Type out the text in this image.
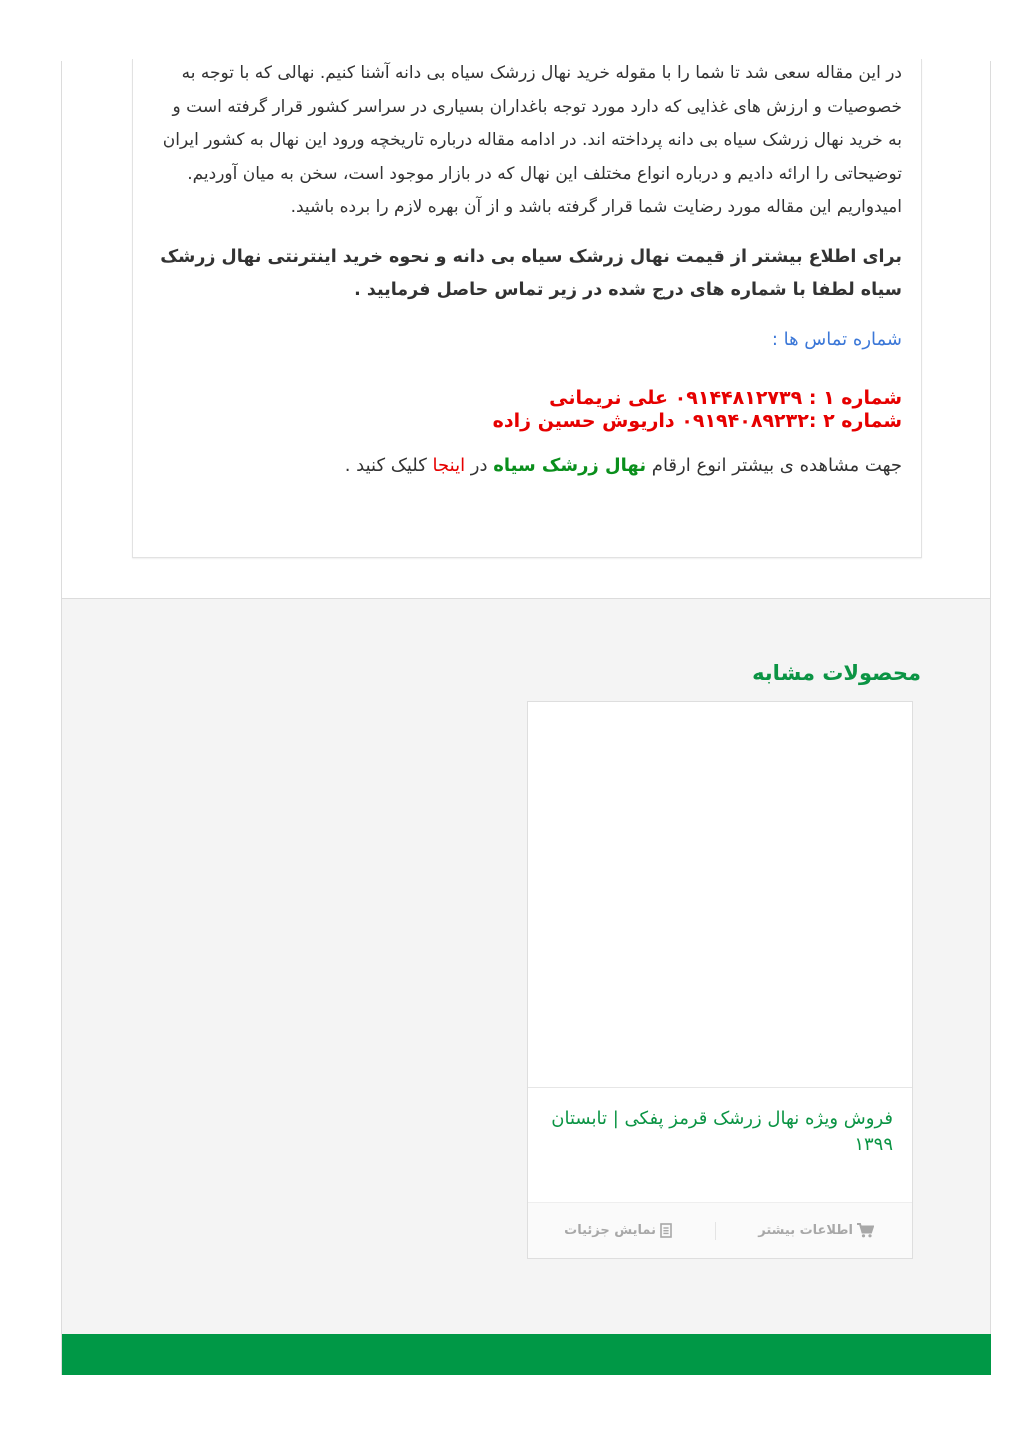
در این مقاله سعی شد تا شما را با مقوله خرید نهال زرشک سیاه بی دانه آشنا کنیم. نهالی که با توجه به خصوصیات و ارزش های غذایی که دارد مورد توجه باغداران بسیاری در سراسر کشور قرار گرفته است و به خرید نهال زرشک سیاه بی دانه پرداخته اند. در ادامه مقاله درباره تاریخچه ورود این نهال به کشور ایران توضیحاتی را ارائه دادیم و درباره انواع مختلف این نهال که در بازار موجود است، سخن به میان آوردیم. امیدواریم این مقاله مورد رضایت شما قرار گرفته باشد و از آن بهره لازم را برده باشید.

برای اطلاع بیشتر از قیمت نهال زرشک سیاه بی دانه و نحوه خرید اینترنتی نهال زرشک سیاه لطفا با شماره های درج شده در زیر تماس حاصل فرمایید .

شماره تماس ها :

شماره ۱ : ۰۹۱۴۴۸۱۲۷۳۹ علی نریمانی

شماره ۲ :۰۹۱۹۴۰۸۹۲۳۲ داریوش حسین زاده

جهت مشاهده ی بیشتر انوع ارقام نهال زرشک سیاه در اینجا کلیک کنید .

محصولات مشابه
فروش ویژه نهال زرشک قرمز پفکی | تابستان ۱۳۹۹
اطلاعات بیشتر
نمایش جزئیات
